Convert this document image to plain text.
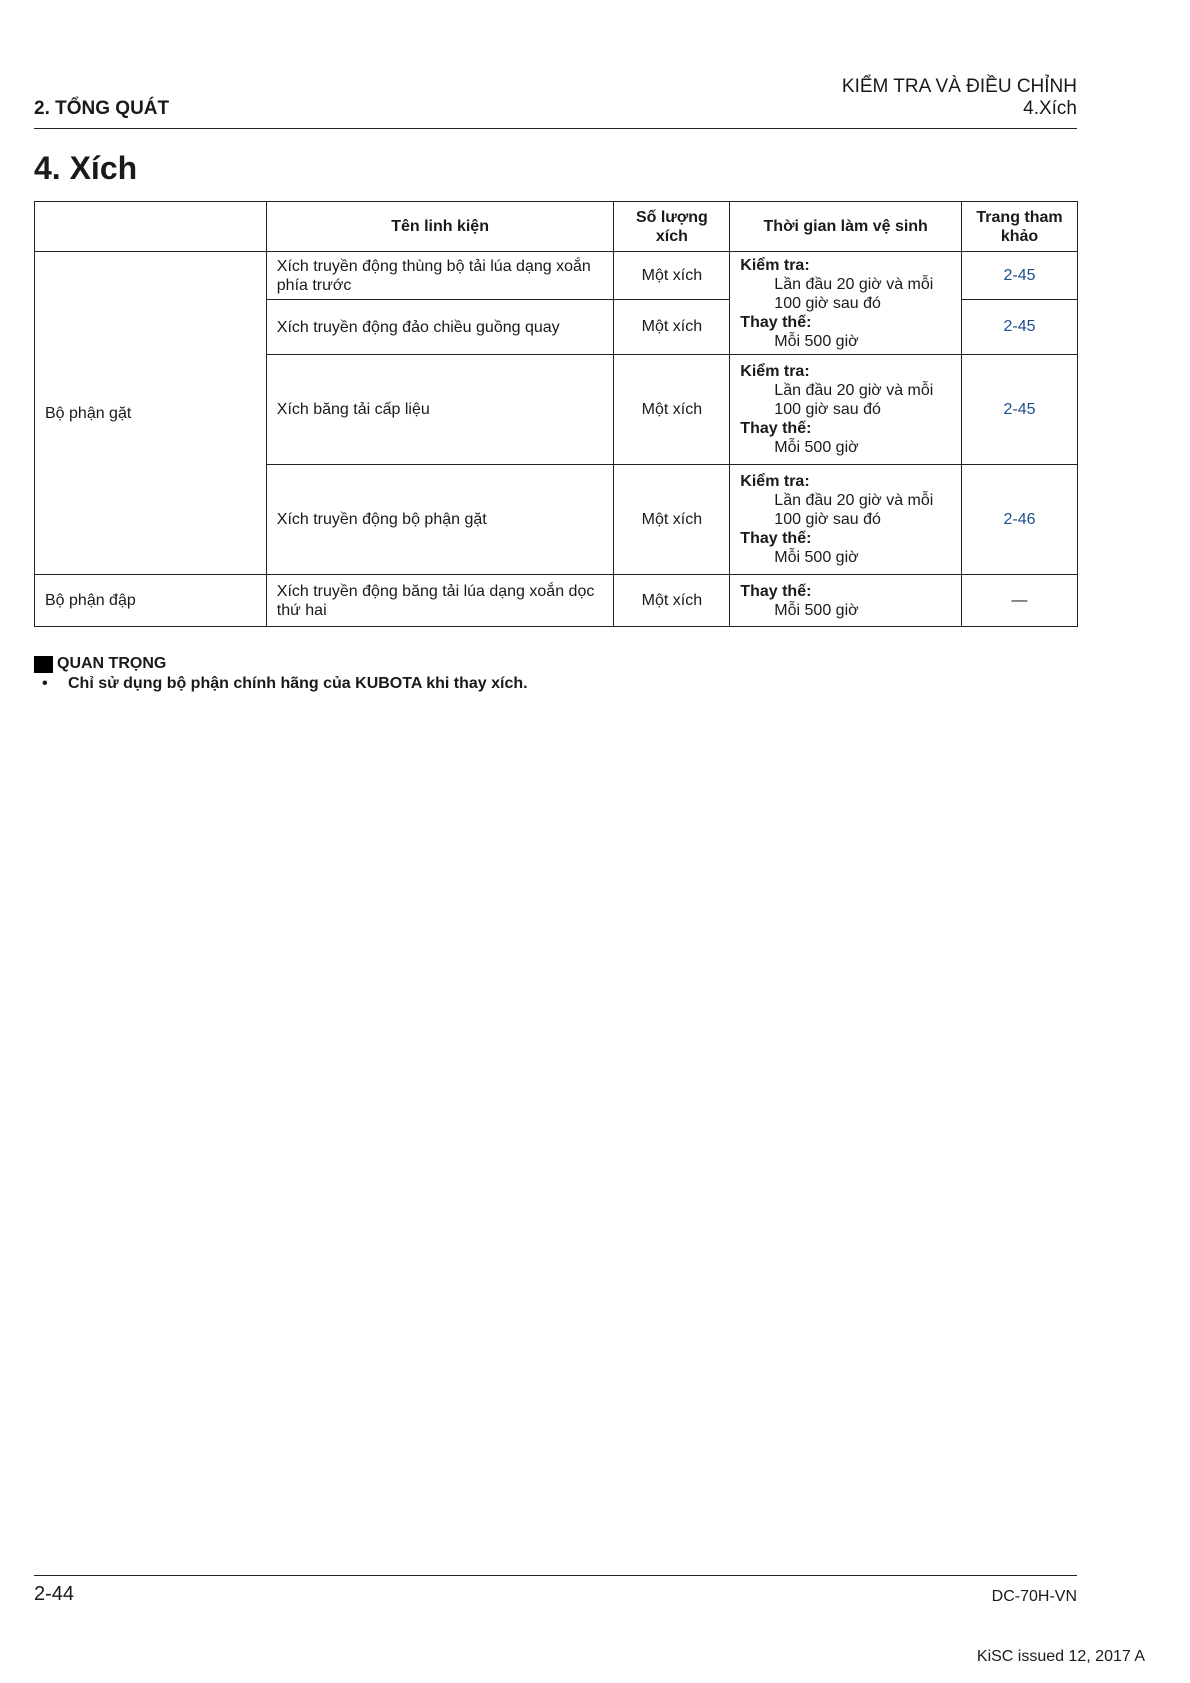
2. TỔNG QUÁT
KIỂM TRA VÀ ĐIỀU CHỈNH
4.Xích
4. Xích
	Tên linh kiện	Số lượng xích	Thời gian làm vệ sinh	Trang tham khảo
Bộ phận gặt	Xích truyền động thùng bộ tải lúa dạng xoắn phía trước	Một xích	Kiểm tra:
Lần đầu 20 giờ và mỗi
100 giờ sau đó
Thay thế:
Mỗi 500 giờ	2-45
	Xích truyền động đảo chiều guồng quay	Một xích		2-45
	Xích băng tải cấp liệu	Một xích	Kiểm tra:
Lần đầu 20 giờ và mỗi
100 giờ sau đó
Thay thế:
Mỗi 500 giờ	2-45
	Xích truyền động bộ phận gặt	Một xích	Kiểm tra:
Lần đầu 20 giờ và mỗi
100 giờ sau đó
Thay thế:
Mỗi 500 giờ	2-46
Bộ phận đập	Xích truyền động băng tải lúa dạng xoắn dọc thứ hai	Một xích	Thay thế:
Mỗi 500 giờ	—
QUAN TRỌNG
• Chỉ sử dụng bộ phận chính hãng của KUBOTA khi thay xích.
2-44	DC-70H-VN
KiSC issued 12, 2017 A
